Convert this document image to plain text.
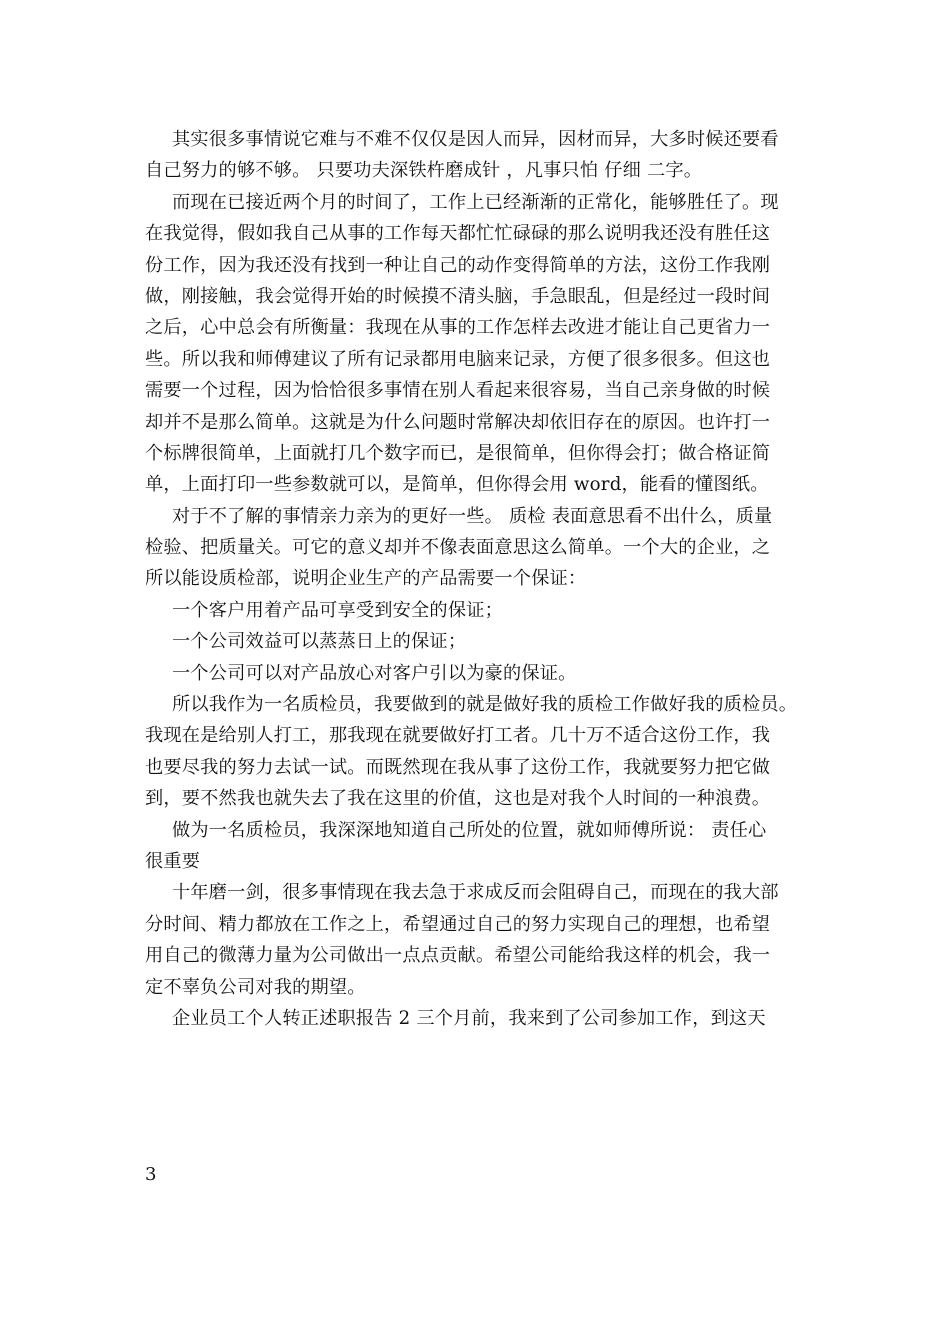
其实很多事情说它难与不难不仅仅是因人而异，因材而异，大多时候还要看
自己努力的够不够。 只要功夫深铁杵磨成针 ，凡事只怕 仔细 二字。
而现在已接近两个月的时间了，工作上已经渐渐的正常化，能够胜任了。现
在我觉得，假如我自己从事的工作每天都忙忙碌碌的那么说明我还没有胜任这
份工作，因为我还没有找到一种让自己的动作变得简单的方法，这份工作我刚
做，刚接触，我会觉得开始的时候摸不清头脑，手急眼乱，但是经过一段时间
之后，心中总会有所衡量：我现在从事的工作怎样去改进才能让自己更省力一
些。所以我和师傅建议了所有记录都用电脑来记录，方便了很多很多。但这也
需要一个过程，因为恰恰很多事情在别人看起来很容易，当自己亲身做的时候
却并不是那么简单。这就是为什么问题时常解决却依旧存在的原因。也许打一
个标牌很简单，上面就打几个数字而已，是很简单，但你得会打；做合格证简
单，上面打印一些参数就可以，是简单，但你得会用 word，能看的懂图纸。
对于不了解的事情亲力亲为的更好一些。 质检 表面意思看不出什么，质量
检验、把质量关。可它的意义却并不像表面意思这么简单。一个大的企业，之
所以能设质检部，说明企业生产的产品需要一个保证：
一个客户用着产品可享受到安全的保证；
一个公司效益可以蒸蒸日上的保证；
一个公司可以对产品放心对客户引以为豪的保证。
所以我作为一名质检员，我要做到的就是做好我的质检工作做好我的质检员。
我现在是给别人打工，那我现在就要做好打工者。几十万不适合这份工作，我
也要尽我的努力去试一试。而既然现在我从事了这份工作，我就要努力把它做
到，要不然我也就失去了我在这里的价值，这也是对我个人时间的一种浪费。
做为一名质检员，我深深地知道自己所处的位置，就如师傅所说： 责任心
很重要
十年磨一剑，很多事情现在我去急于求成反而会阻碍自己，而现在的我大部
分时间、精力都放在工作之上，希望通过自己的努力实现自己的理想，也希望
用自己的微薄力量为公司做出一点点贡献。希望公司能给我这样的机会，我一
定不辜负公司对我的期望。
企业员工个人转正述职报告 2 三个月前，我来到了公司参加工作，到这天
3
